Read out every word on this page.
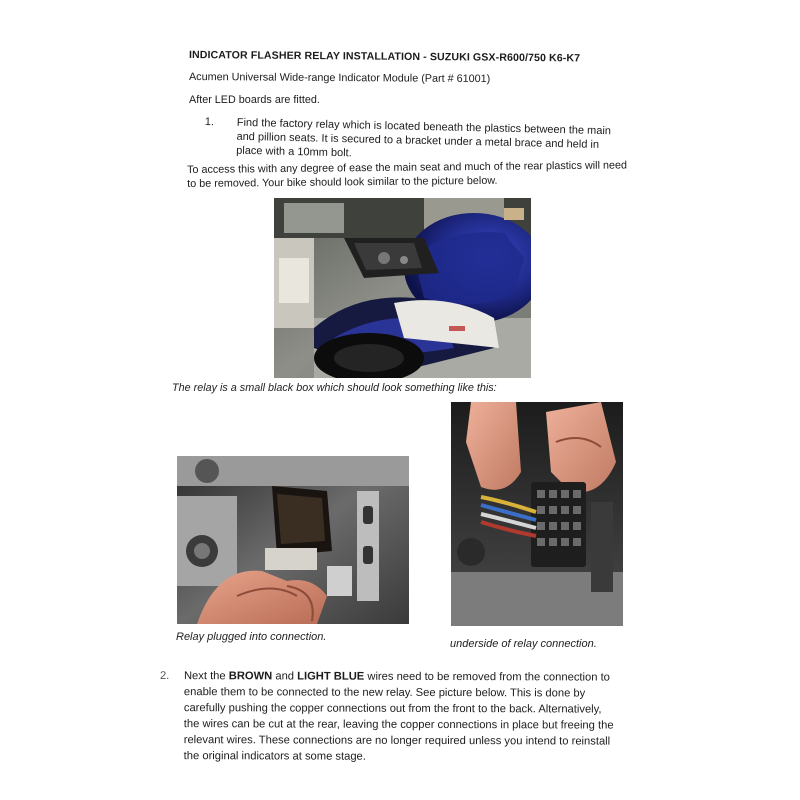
INDICATOR FLASHER RELAY INSTALLATION - SUZUKI GSX-R600/750 K6-K7
Acumen Universal Wide-range Indicator Module (Part # 61001)
After LED boards are fitted.
1.	Find the factory relay which is located beneath the plastics between the main and pillion seats. It is secured to a bracket under a metal brace and held in place with a 10mm bolt.
To access this with any degree of ease the main seat and much of the rear plastics will need to be removed. Your bike should look similar to the picture below.
The relay is a small black box which should look something like this:
Relay plugged into connection.
underside of relay connection.
2.	Next the BROWN and LIGHT BLUE wires need to be removed from the connection to enable them to be connected to the new relay. See picture below. This is done by carefully pushing the copper connections out from the front to the back. Alternatively, the wires can be cut at the rear, leaving the copper connections in place but freeing the relevant wires. These connections are no longer required unless you intend to reinstall the original indicators at some stage.
